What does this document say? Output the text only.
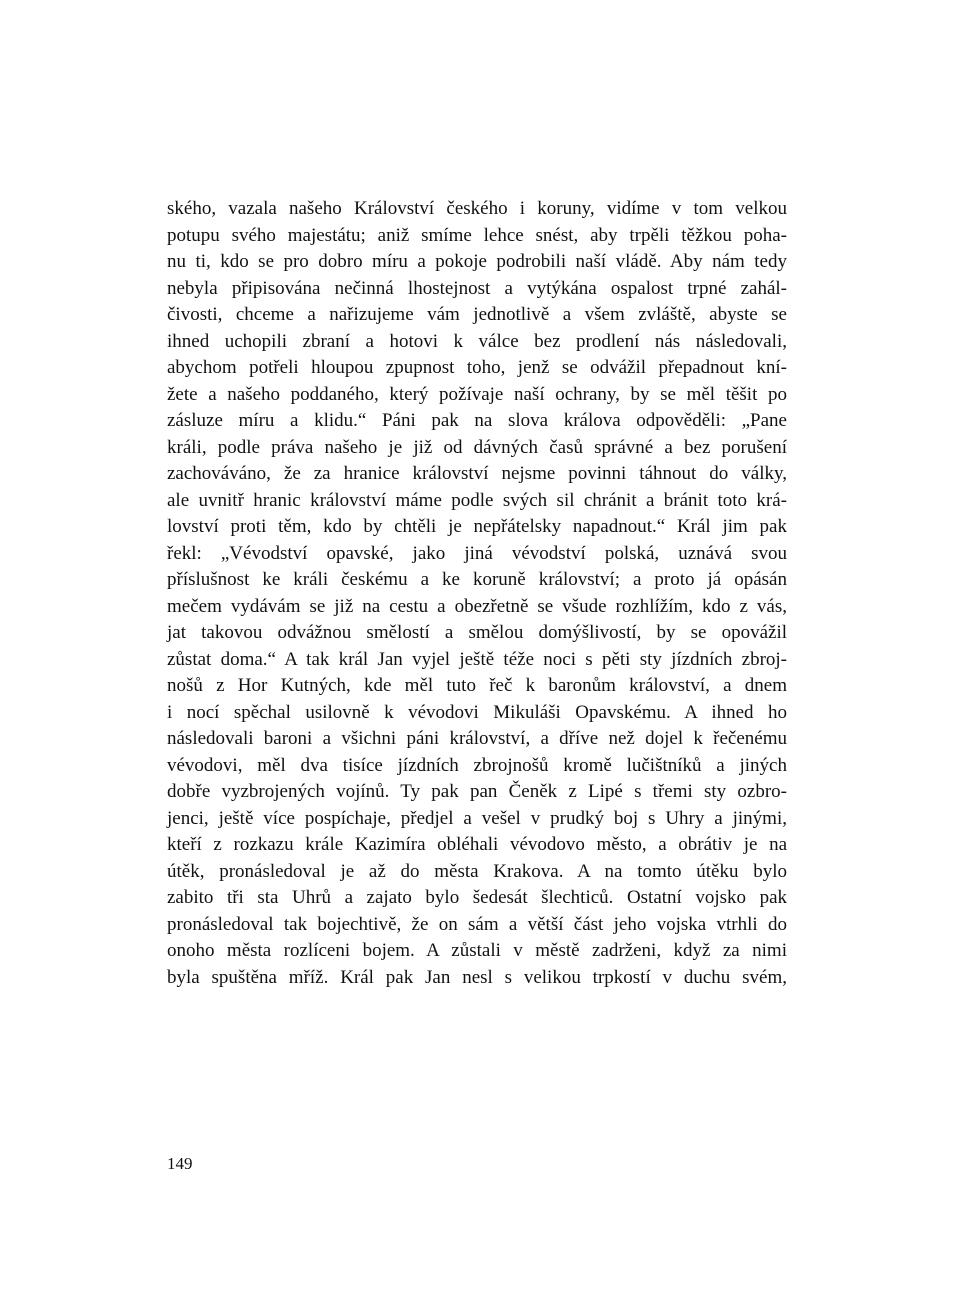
ského, vazala našeho Království českého i koruny, vidíme v tom velkou
potupu svého majestátu; aniž smíme lehce snést, aby trpěli těžkou poha-
nu ti, kdo se pro dobro míru a pokoje podrobili naší vládě. Aby nám tedy
nebyla připisována nečinná lhostejnost a vytýkána ospalost trpné zahál-
čivosti, chceme a nařizujeme vám jednotlivě a všem zvláště, abyste se
ihned uchopili zbraní a hotovi k válce bez prodlení nás následovali,
abychom potřeli hloupou zpupnost toho, jenž se odvážil přepadnout kní-
žete a našeho poddaného, který požívaje naší ochrany, by se měl těšit po
zásluze míru a klidu.“ Páni pak na slova králova odpověděli: „Pane
králi, podle práva našeho je již od dávných časů správné a bez porušení
zachováváno, že za hranice království nejsme povinni táhnout do války,
ale uvnitř hranic království máme podle svých sil chránit a bránit toto krá-
lovství proti těm, kdo by chtěli je nepřátelsky napadnout.“ Král jim pak
řekl: „Vévodství opavské, jako jiná vévodství polská, uznává svou
příslušnost ke králi českému a ke koruně království; a proto já opásán
mečem vydávám se již na cestu a obezřetně se všude rozhlížím, kdo z vás,
jat takovou odvážnou smělostí a smělou domýšlivostí, by se opovážil
zůstat doma.“ A tak král Jan vyjel ještě téže noci s pěti sty jízdních zbroj-
nošů z Hor Kutných, kde měl tuto řeč k baronům království, a dnem
i nocí spěchal usilovně k vévodovi Mikuláši Opavskému. A ihned ho
následovali baroni a všichni páni království, a dříve než dojel k řečenému
vévodovi, měl dva tisíce jízdních zbrojnošů kromě lučištníků a jiných
dobře vyzbrojených vojínů. Ty pak pan Čeněk z Lipé s třemi sty ozbro-
jenci, ještě více pospíchaje, předjel a vešel v prudký boj s Uhry a jinými,
kteří z rozkazu krále Kazimíra obléhali vévodovo město, a obrátiv je na
útěk, pronásledoval je až do města Krakova. A na tomto útěku bylo
zabito tři sta Uhrů a zajato bylo šedesát šlechticů. Ostatní vojsko pak
pronásledoval tak bojechtivě, že on sám a větší část jeho vojska vtrhli do
onoho města rozlíceni bojem. A zůstali v městě zadrženi, když za nimi
byla spuštěna mříž. Král pak Jan nesl s velikou trpkostí v duchu svém,
149
